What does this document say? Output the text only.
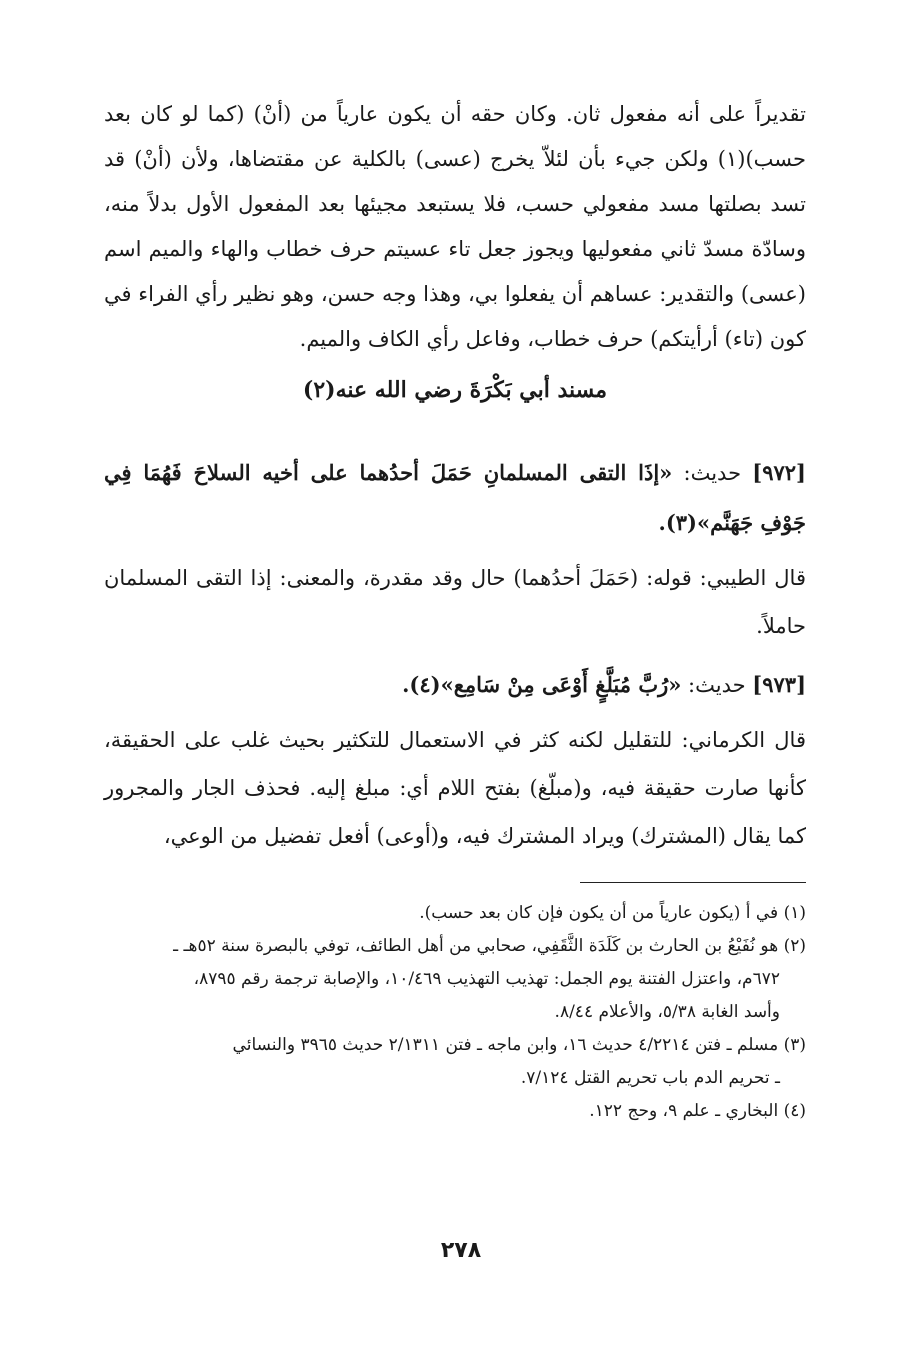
تقديراً على أنه مفعول ثان. وكان حقه أن يكون عارياً من (أنْ) (كما لو كان بعد حسب)(١) ولكن جيء بأن لئلاّ يخرج (عسى) بالكلية عن مقتضاها، ولأن (أنْ) قد تسد بصلتها مسد مفعولي حسب، فلا يستبعد مجيئها بعد المفعول الأول بدلاً منه، وسادّة مسدّ ثاني مفعوليها ويجوز جعل تاء عسيتم حرف خطاب والهاء والميم اسم (عسى) والتقدير: عساهم أن يفعلوا بي، وهذا وجه حسن، وهو نظير رأي الفراء في كون (تاء) أرأيتكم) حرف خطاب، وفاعل رأي الكاف والميم.

مسند أبي بَكْرَةَ رضي الله عنه(٢)

[٩٧٢] حديث: «إذَا التقى المسلمانِ حَمَلَ أحدُهما على أخيه السلاحَ فَهُمَا فِي جَوْفِ جَهَنَّم»(٣).

قال الطيبي: قوله: (حَمَلَ أحدُهما) حال وقد مقدرة، والمعنى: إذا التقى المسلمان حاملاً.

[٩٧٣] حديث: «رُبَّ مُبَلَّغٍ أَوْعَى مِنْ سَامِع»(٤).

قال الكرماني: للتقليل لكنه كثر في الاستعمال للتكثير بحيث غلب على الحقيقة، كأنها صارت حقيقة فيه، و(مبلّغ) بفتح اللام أي: مبلغ إليه. فحذف الجار والمجرور كما يقال (المشترك) ويراد المشترك فيه، و(أوعى) أفعل تفضيل من الوعي،

(١) في أ (يكون عارياً من أن يكون فإن كان بعد حسب).

(٢) هو نُفَيْعُ بن الحارث بن كَلَدَة الثَّقَفِي، صحابي من أهل الطائف، توفي بالبصرة سنة ٥٢هـ ـ

٦٧٢م، واعتزل الفتنة يوم الجمل: تهذيب التهذيب ١٠/٤٦٩، والإصابة ترجمة رقم ٨٧٩٥،

وأسد الغابة ٥/٣٨، والأعلام ٨/٤٤.

(٣) مسلم ـ فتن ٤/٢٢١٤ حديث ١٦، وابن ماجه ـ فتن ٢/١٣١١ حديث ٣٩٦٥ والنسائي

ـ تحريم الدم باب تحريم القتل ٧/١٢٤.

(٤) البخاري ـ علم ٩، وحج ١٢٢.

٢٧٨
